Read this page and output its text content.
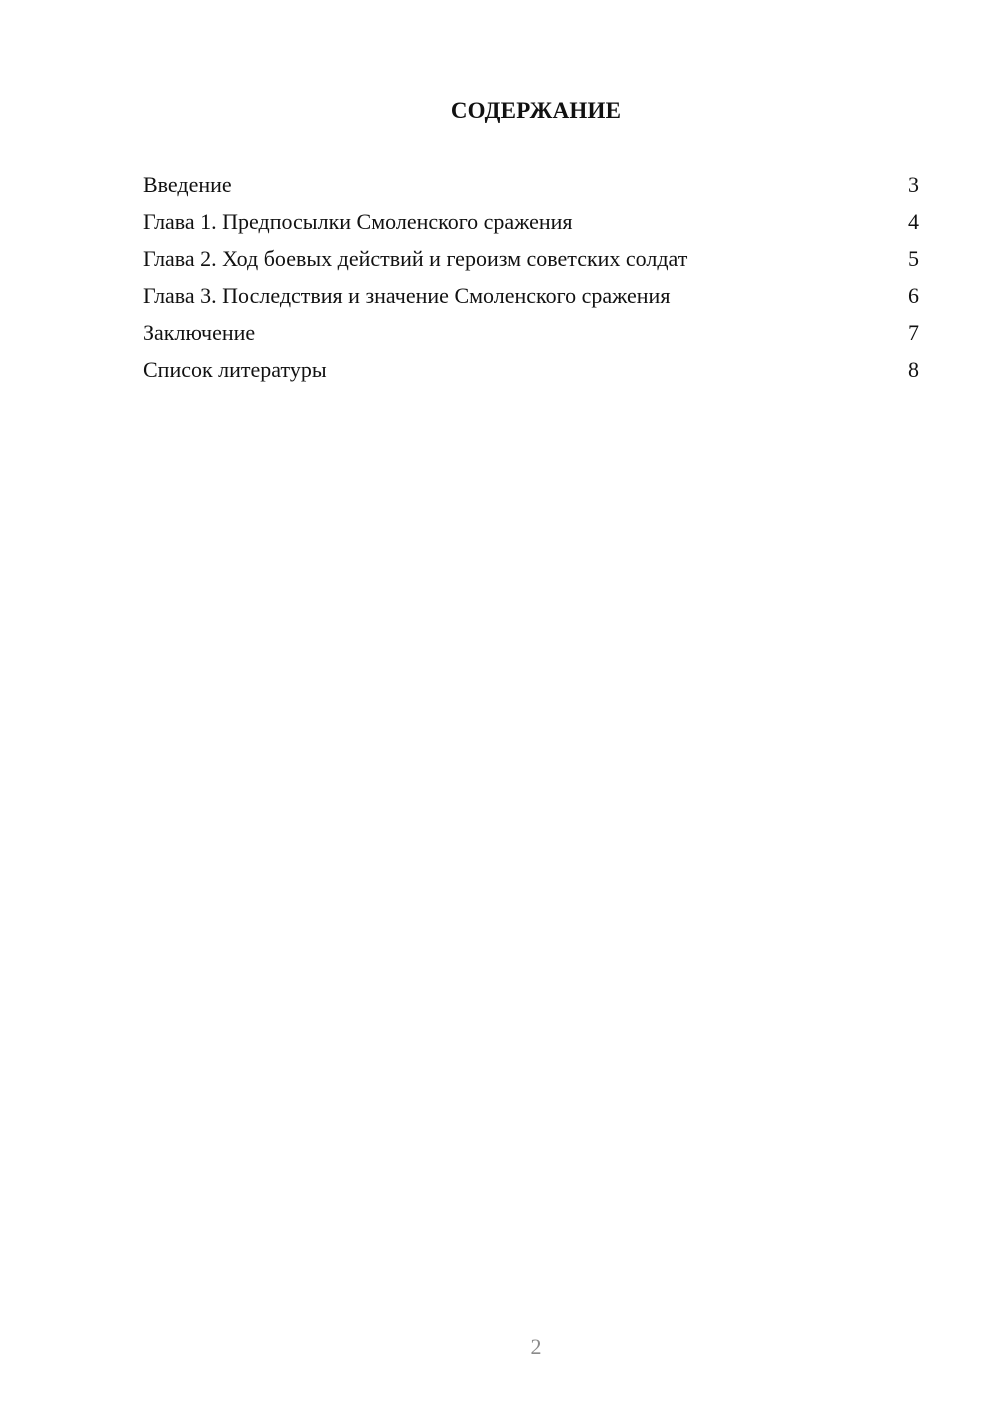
СОДЕРЖАНИЕ
Введение	3
Глава 1. Предпосылки Смоленского сражения	4
Глава 2. Ход боевых действий и героизм советских солдат	5
Глава 3. Последствия и значение Смоленского сражения	6
Заключение	7
Список литературы	8
2
